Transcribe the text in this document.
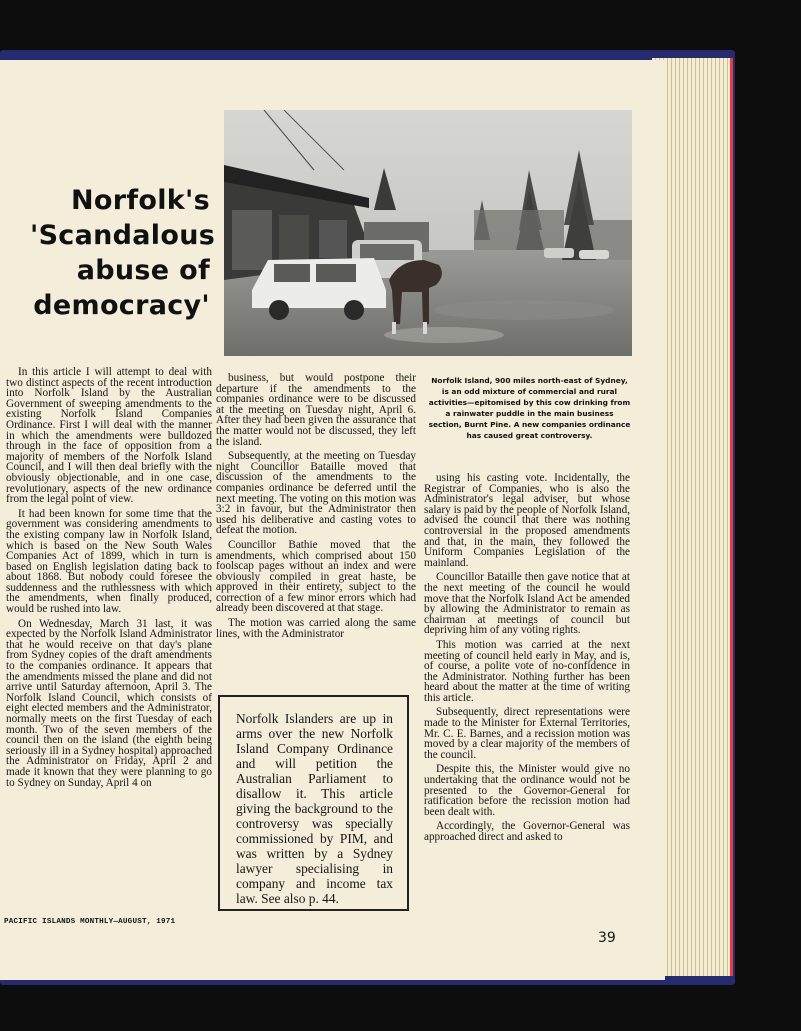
Norfolk's
'Scandalous
abuse of
democracy'

Norfolk Island, 900 miles north-east of Sydney, is an odd mixture of commercial and rural activities—epitomised by this cow drinking from a rainwater puddle in the main business section, Burnt Pine. A new companies ordinance has caused great controversy.

In this article I will attempt to deal with two distinct aspects of the recent introduction into Norfolk Island by the Australian Government of sweeping amendments to the existing Norfolk Island Companies Ordinance. First I will deal with the manner in which the amendments were bulldozed through in the face of opposition from a majority of members of the Norfolk Island Council, and I will then deal briefly with the obviously objectionable, and in one case, revolutionary, aspects of the new ordinance from the legal point of view.

It had been known for some time that the government was considering amendments to the existing company law in Norfolk Island, which is based on the New South Wales Companies Act of 1899, which in turn is based on English legislation dating back to about 1868. But nobody could foresee the suddenness and the ruthlessness with which the amendments, when finally produced, would be rushed into law.

On Wednesday, March 31 last, it was expected by the Norfolk Island Administrator that he would receive on that day's plane from Sydney copies of the draft amendments to the companies ordinance. It appears that the amendments missed the plane and did not arrive until Saturday afternoon, April 3. The Norfolk Island Council, which consists of eight elected members and the Administrator, normally meets on the first Tuesday of each month. Two of the seven members of the council then on the island (the eighth being seriously ill in a Sydney hospital) approached the Administrator on Friday, April 2 and made it known that they were planning to go to Sydney on Sunday, April 4 on

business, but would postpone their departure if the amendments to the companies ordinance were to be discussed at the meeting on Tuesday night, April 6. After they had been given the assurance that the matter would not be discussed, they left the island.

Subsequently, at the meeting on Tuesday night Councillor Bataille moved that discussion of the amendments to the companies ordinance be deferred until the next meeting. The voting on this motion was 3:2 in favour, but the Administrator then used his deliberative and casting votes to defeat the motion.

Councillor Bathie moved that the amendments, which comprised about 150 foolscap pages without an index and were obviously compiled in great haste, be approved in their entirety, subject to the correction of a few minor errors which had already been discovered at that stage.

The motion was carried along the same lines, with the Administrator

using his casting vote. Incidentally, the Registrar of Companies, who is also the Administrator's legal adviser, but whose salary is paid by the people of Norfolk Island, advised the council that there was nothing controversial in the proposed amendments and that, in the main, they followed the Uniform Companies Legislation of the mainland.

Councillor Bataille then gave notice that at the next meeting of the council he would move that the Norfolk Island Act be amended by allowing the Administrator to remain as chairman at meetings of council but depriving him of any voting rights.

This motion was carried at the next meeting of council held early in May, and is, of course, a polite vote of no-confidence in the Administrator. Nothing further has been heard about the matter at the time of writing this article.

Subsequently, direct representations were made to the Minister for External Territories, Mr. C. E. Barnes, and a recission motion was moved by a clear majority of the members of the council.

Despite this, the Minister would give no undertaking that the ordinance would not be presented to the Governor-General for ratification before the recission motion had been dealt with.

Accordingly, the Governor-General was approached direct and asked to

Norfolk Islanders are up in arms over the new Norfolk Island Company Ordinance and will petition the Australian Parliament to disallow it. This article giving the background to the controversy was specially commissioned by PIM, and was written by a Sydney lawyer specialising in company and income tax law. See also p. 44.

PACIFIC ISLANDS MONTHLY—AUGUST, 1971
39
